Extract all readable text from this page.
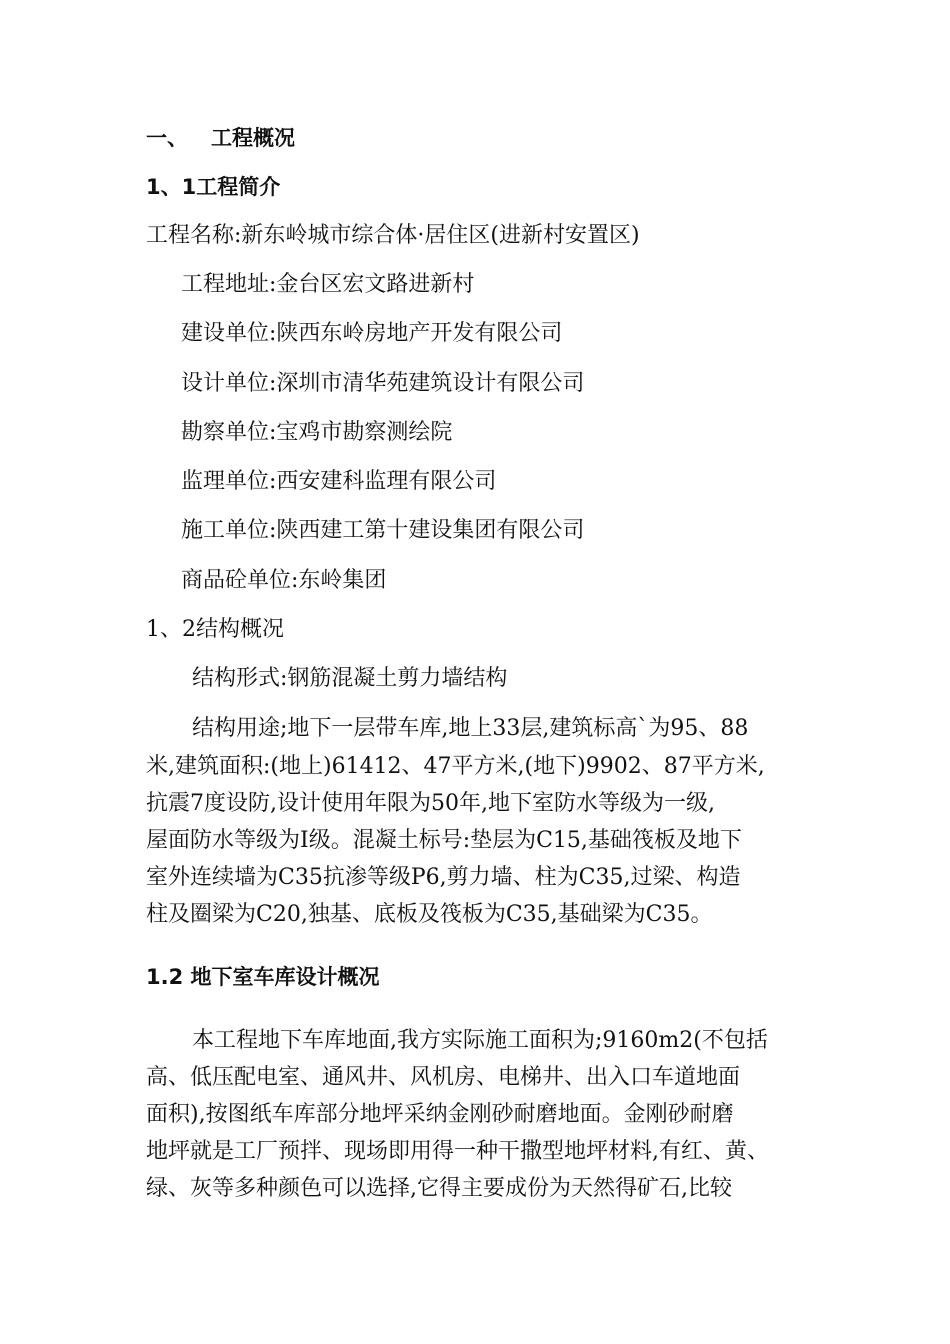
一、 工程概况
1、1工程简介
工程名称:新东岭城市综合体·居住区(进新村安置区)
工程地址:金台区宏文路进新村
建设单位:陕西东岭房地产开发有限公司
设计单位:深圳市清华苑建筑设计有限公司
勘察单位:宝鸡市勘察测绘院
监理单位:西安建科监理有限公司
施工单位:陕西建工第十建设集团有限公司
商品砼单位:东岭集团
1、2结构概况
结构形式:钢筋混凝土剪力墙结构
结构用途;地下一层带车库,地上33层,建筑标高`为95、88
米,建筑面积:(地上)61412、47平方米,(地下)9902、87平方米,
抗震7度设防,设计使用年限为50年,地下室防水等级为一级,
屋面防水等级为Ⅰ级。混凝土标号:垫层为C15,基础筏板及地下
室外连续墙为C35抗渗等级P6,剪力墙、柱为C35,过梁、构造
柱及圈梁为C20,独基、底板及筏板为C35,基础梁为C35。
1.2 地下室车库设计概况
本工程地下车库地面,我方实际施工面积为;9160m2(不包括
高、低压配电室、通风井、风机房、电梯井、出入口车道地面
面积),按图纸车库部分地坪采纳金刚砂耐磨地面。金刚砂耐磨
地坪就是工厂预拌、现场即用得一种干撒型地坪材料,有红、黄、
绿、灰等多种颜色可以选择,它得主要成份为天然得矿石,比较
